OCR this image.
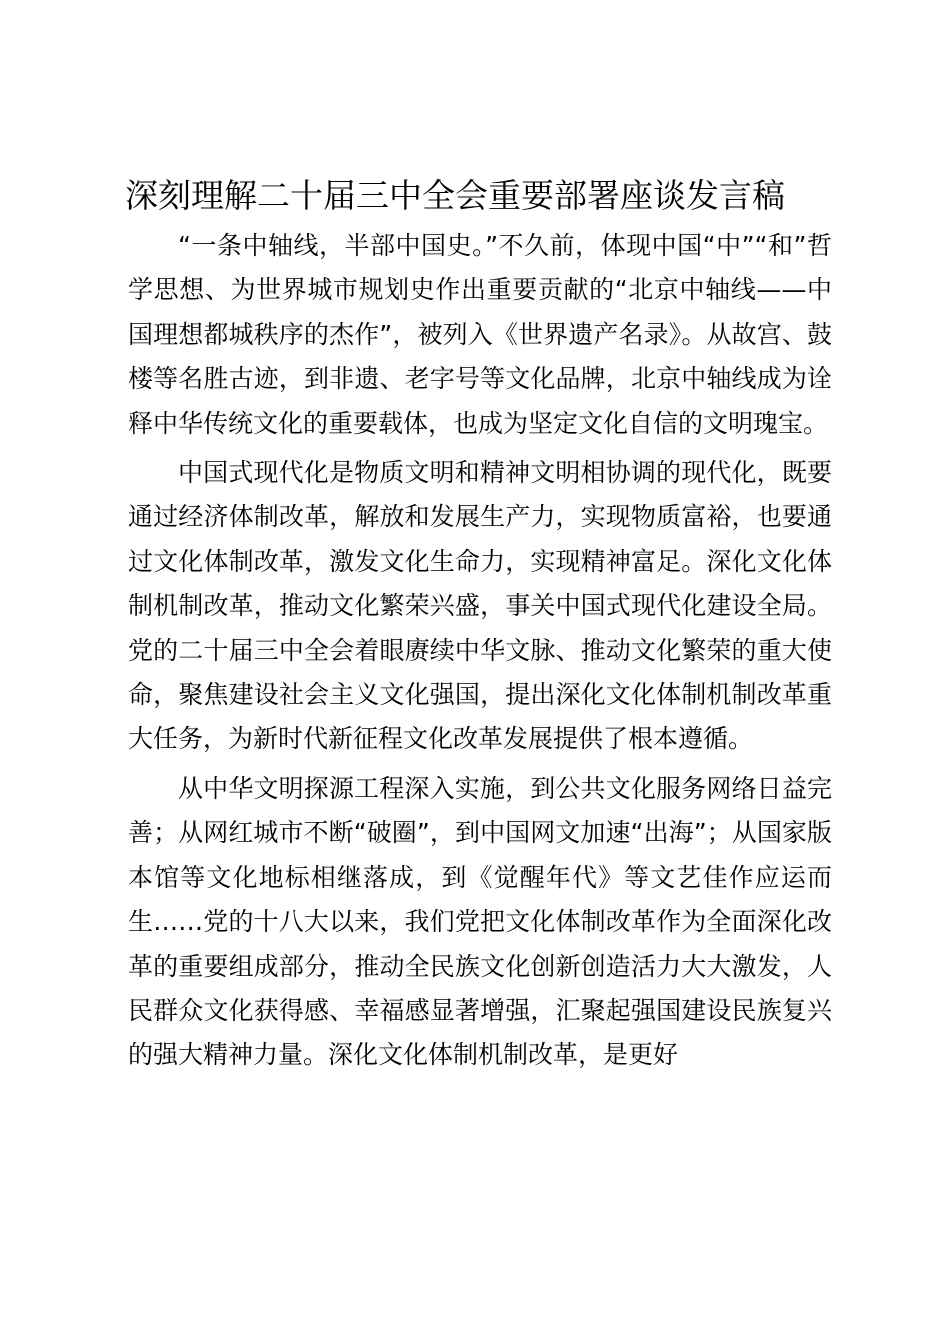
深刻理解二十届三中全会重要部署座谈发言稿

“一条中轴线，半部中国史。”不久前，体现中国“中”“和”哲学思想、为世界城市规划史作出重要贡献的“北京中轴线——中国理想都城秩序的杰作”，被列入《世界遗产名录》。从故宫、鼓楼等名胜古迹，到非遗、老字号等文化品牌，北京中轴线成为诠释中华传统文化的重要载体，也成为坚定文化自信的文明瑰宝。

中国式现代化是物质文明和精神文明相协调的现代化，既要通过经济体制改革，解放和发展生产力，实现物质富裕，也要通过文化体制改革，激发文化生命力，实现精神富足。深化文化体制机制改革，推动文化繁荣兴盛，事关中国式现代化建设全局。党的二十届三中全会着眼赓续中华文脉、推动文化繁荣的重大使命，聚焦建设社会主义文化强国，提出深化文化体制机制改革重大任务，为新时代新征程文化改革发展提供了根本遵循。

从中华文明探源工程深入实施，到公共文化服务网络日益完善；从网红城市不断“破圈”，到中国网文加速“出海”；从国家版本馆等文化地标相继落成，到《觉醒年代》等文艺佳作应运而生……党的十八大以来，我们党把文化体制改革作为全面深化改革的重要组成部分，推动全民族文化创新创造活力大大激发，人民群众文化获得感、幸福感显著增强，汇聚起强国建设民族复兴的强大精神力量。深化文化体制机制改革，是更好
